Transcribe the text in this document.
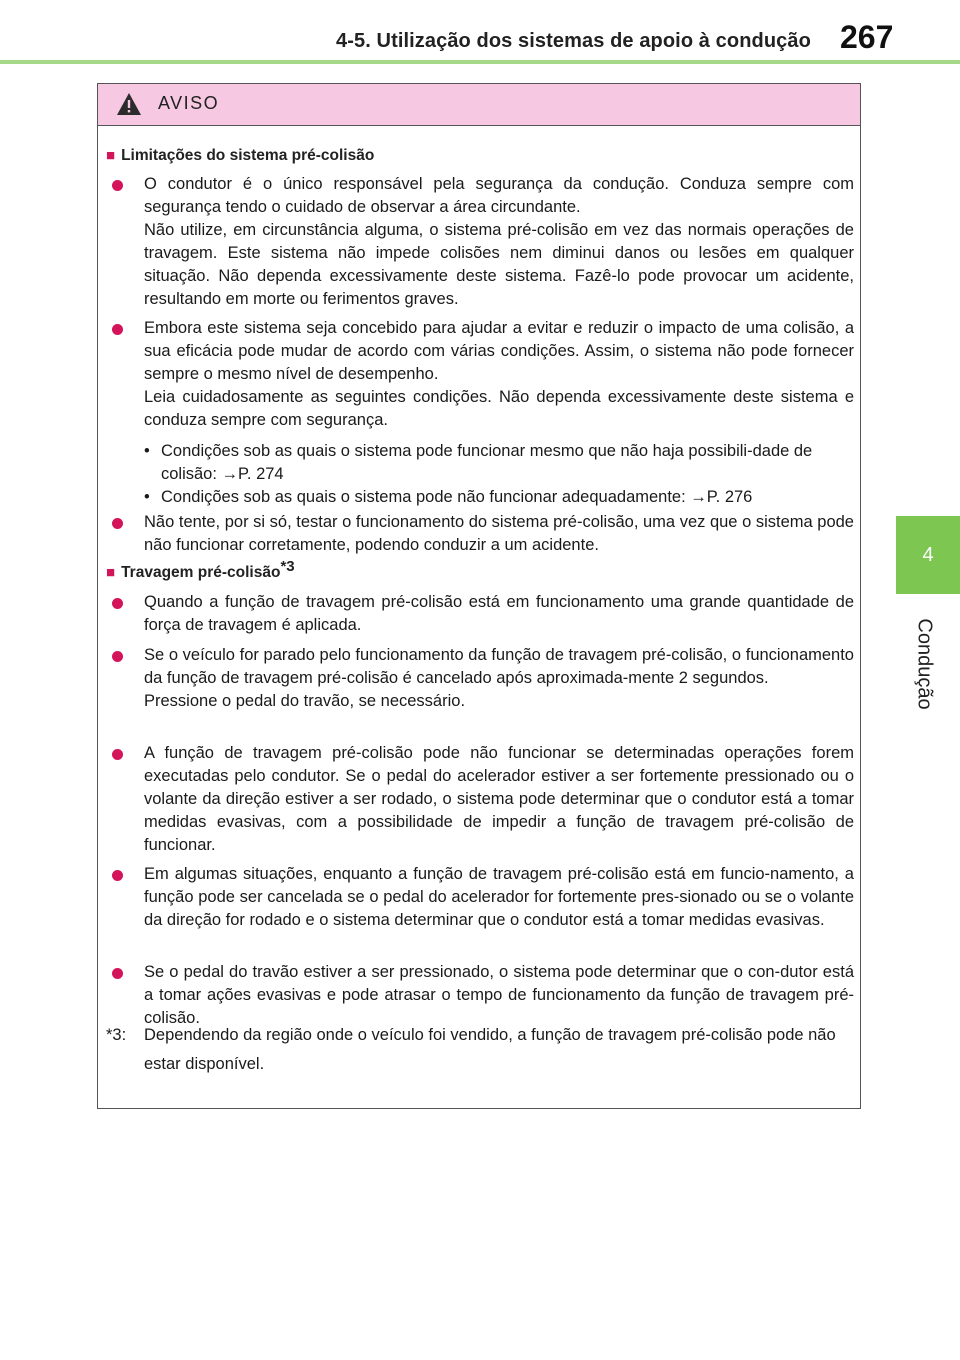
4-5. Utilização dos sistemas de apoio à condução 267
4
Condução
AVISO
■ Limitações do sistema pré-colisão

O condutor é o único responsável pela segurança da condução. Conduza sempre com segurança tendo o cuidado de observar a área circundante.

Não utilize, em circunstância alguma, o sistema pré-colisão em vez das normais operações de travagem. Este sistema não impede colisões nem diminui danos ou lesões em qualquer situação. Não dependa excessivamente deste sistema. Fazê-lo pode provocar um acidente, resultando em morte ou ferimentos graves.

Embora este sistema seja concebido para ajudar a evitar e reduzir o impacto de uma colisão, a sua eficácia pode mudar de acordo com várias condições. Assim, o sistema não pode fornecer sempre o mesmo nível de desempenho.

Leia cuidadosamente as seguintes condições. Não dependa excessivamente deste sistema e conduza sempre com segurança.

• Condições sob as quais o sistema pode funcionar mesmo que não haja possibili-dade de colisão: →P. 274
• Condições sob as quais o sistema pode não funcionar adequadamente: →P. 276

Não tente, por si só, testar o funcionamento do sistema pré-colisão, uma vez que o sistema pode não funcionar corretamente, podendo conduzir a um acidente.

■ Travagem pré-colisão$^{*3}$

Quando a função de travagem pré-colisão está em funcionamento uma grande quantidade de força de travagem é aplicada.

Se o veículo for parado pelo funcionamento da função de travagem pré-colisão, o funcionamento da função de travagem pré-colisão é cancelado após aproximada-mente 2 segundos.

Pressione o pedal do travão, se necessário.

A função de travagem pré-colisão pode não funcionar se determinadas operações forem executadas pelo condutor. Se o pedal do acelerador estiver a ser fortemente pressionado ou o volante da direção estiver a ser rodado, o sistema pode determinar que o condutor está a tomar medidas evasivas, com a possibilidade de impedir a função de travagem pré-colisão de funcionar.

Em algumas situações, enquanto a função de travagem pré-colisão está em funcio-namento, a função pode ser cancelada se o pedal do acelerador for fortemente pres-sionado ou se o volante da direção for rodado e o sistema determinar que o condutor está a tomar medidas evasivas.

Se o pedal do travão estiver a ser pressionado, o sistema pode determinar que o con-dutor está a tomar ações evasivas e pode atrasar o tempo de funcionamento da função de travagem pré-colisão.

*3: Dependendo da região onde o veículo foi vendido, a função de travagem pré-colisão pode não estar disponível.
